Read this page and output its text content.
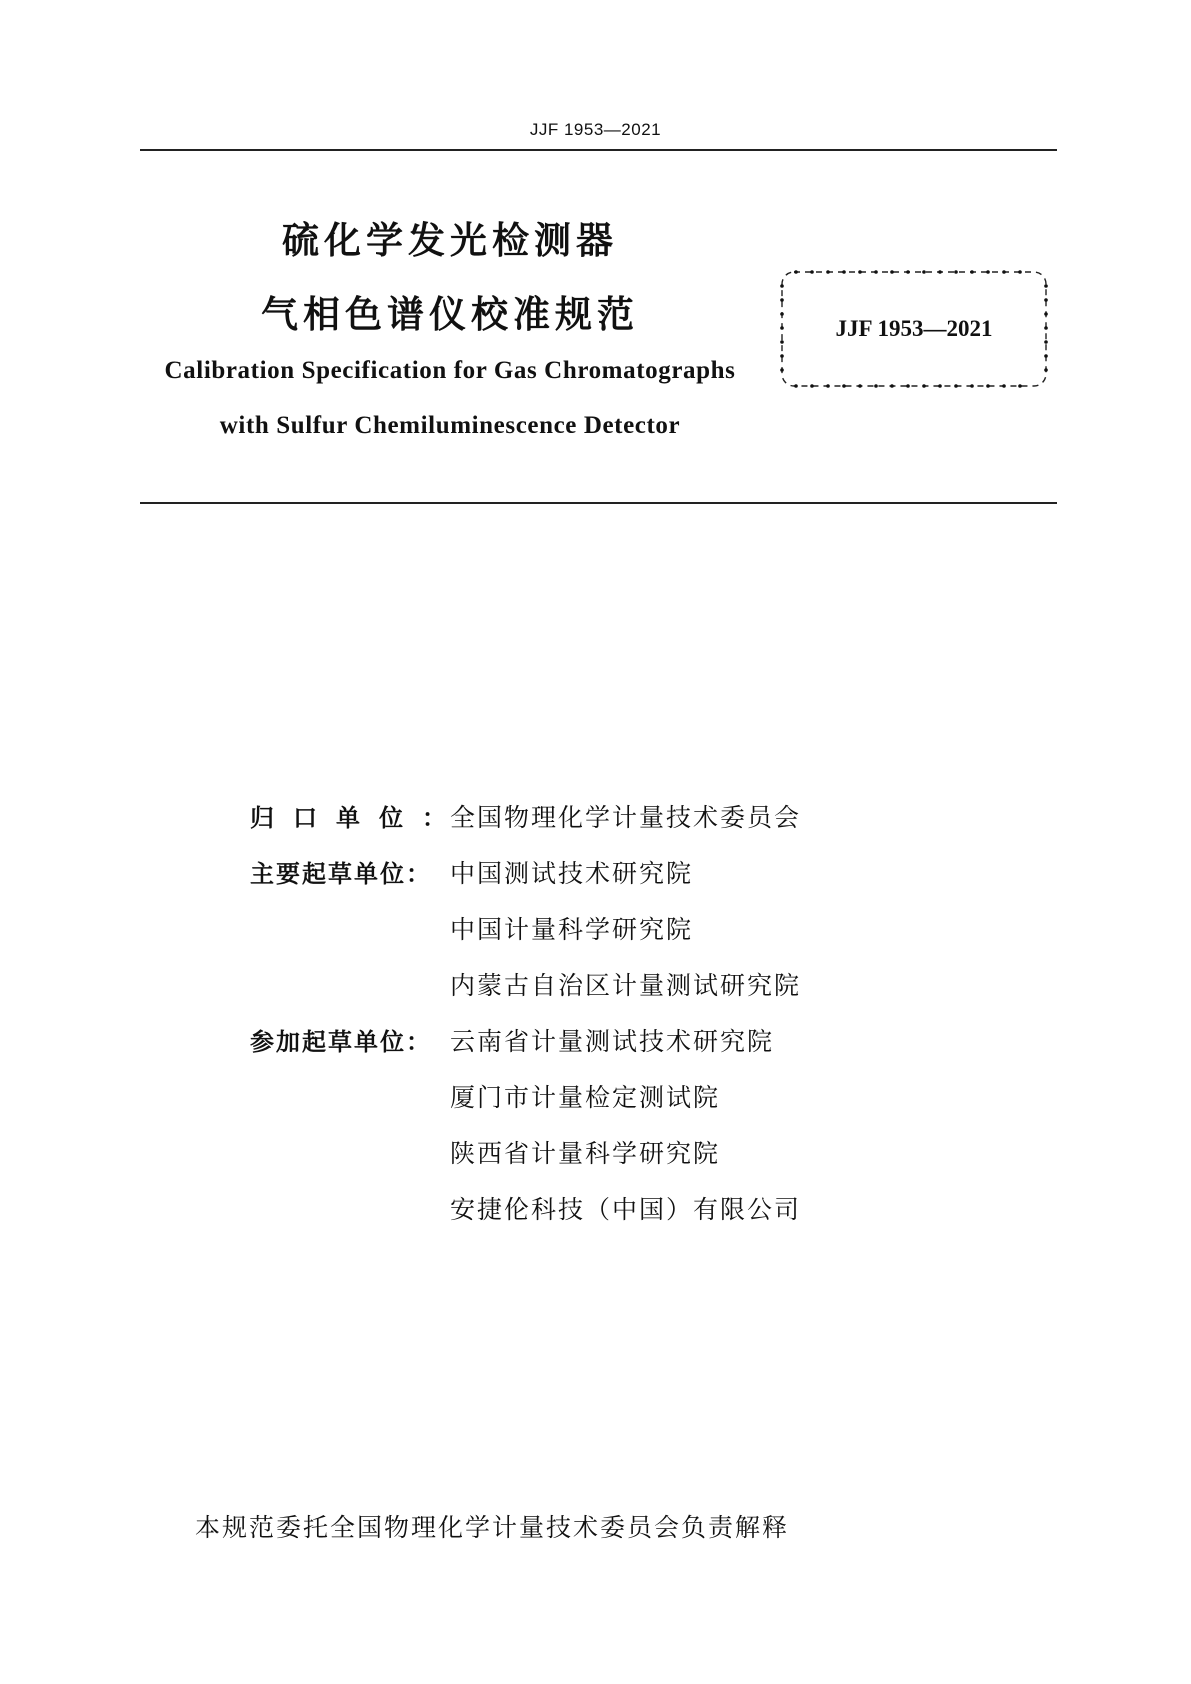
JJF 1953—2021
硫化学发光检测器
气相色谱仪校准规范
Calibration Specification for Gas Chromatographs
with Sulfur Chemiluminescence Detector
JJF 1953—2021
归口单位：全国物理化学计量技术委员会
主要起草单位： 中国测试技术研究院
中国计量科学研究院
内蒙古自治区计量测试研究院
参加起草单位： 云南省计量测试技术研究院
厦门市计量检定测试院
陕西省计量科学研究院
安捷伦科技（中国）有限公司
本规范委托全国物理化学计量技术委员会负责解释
